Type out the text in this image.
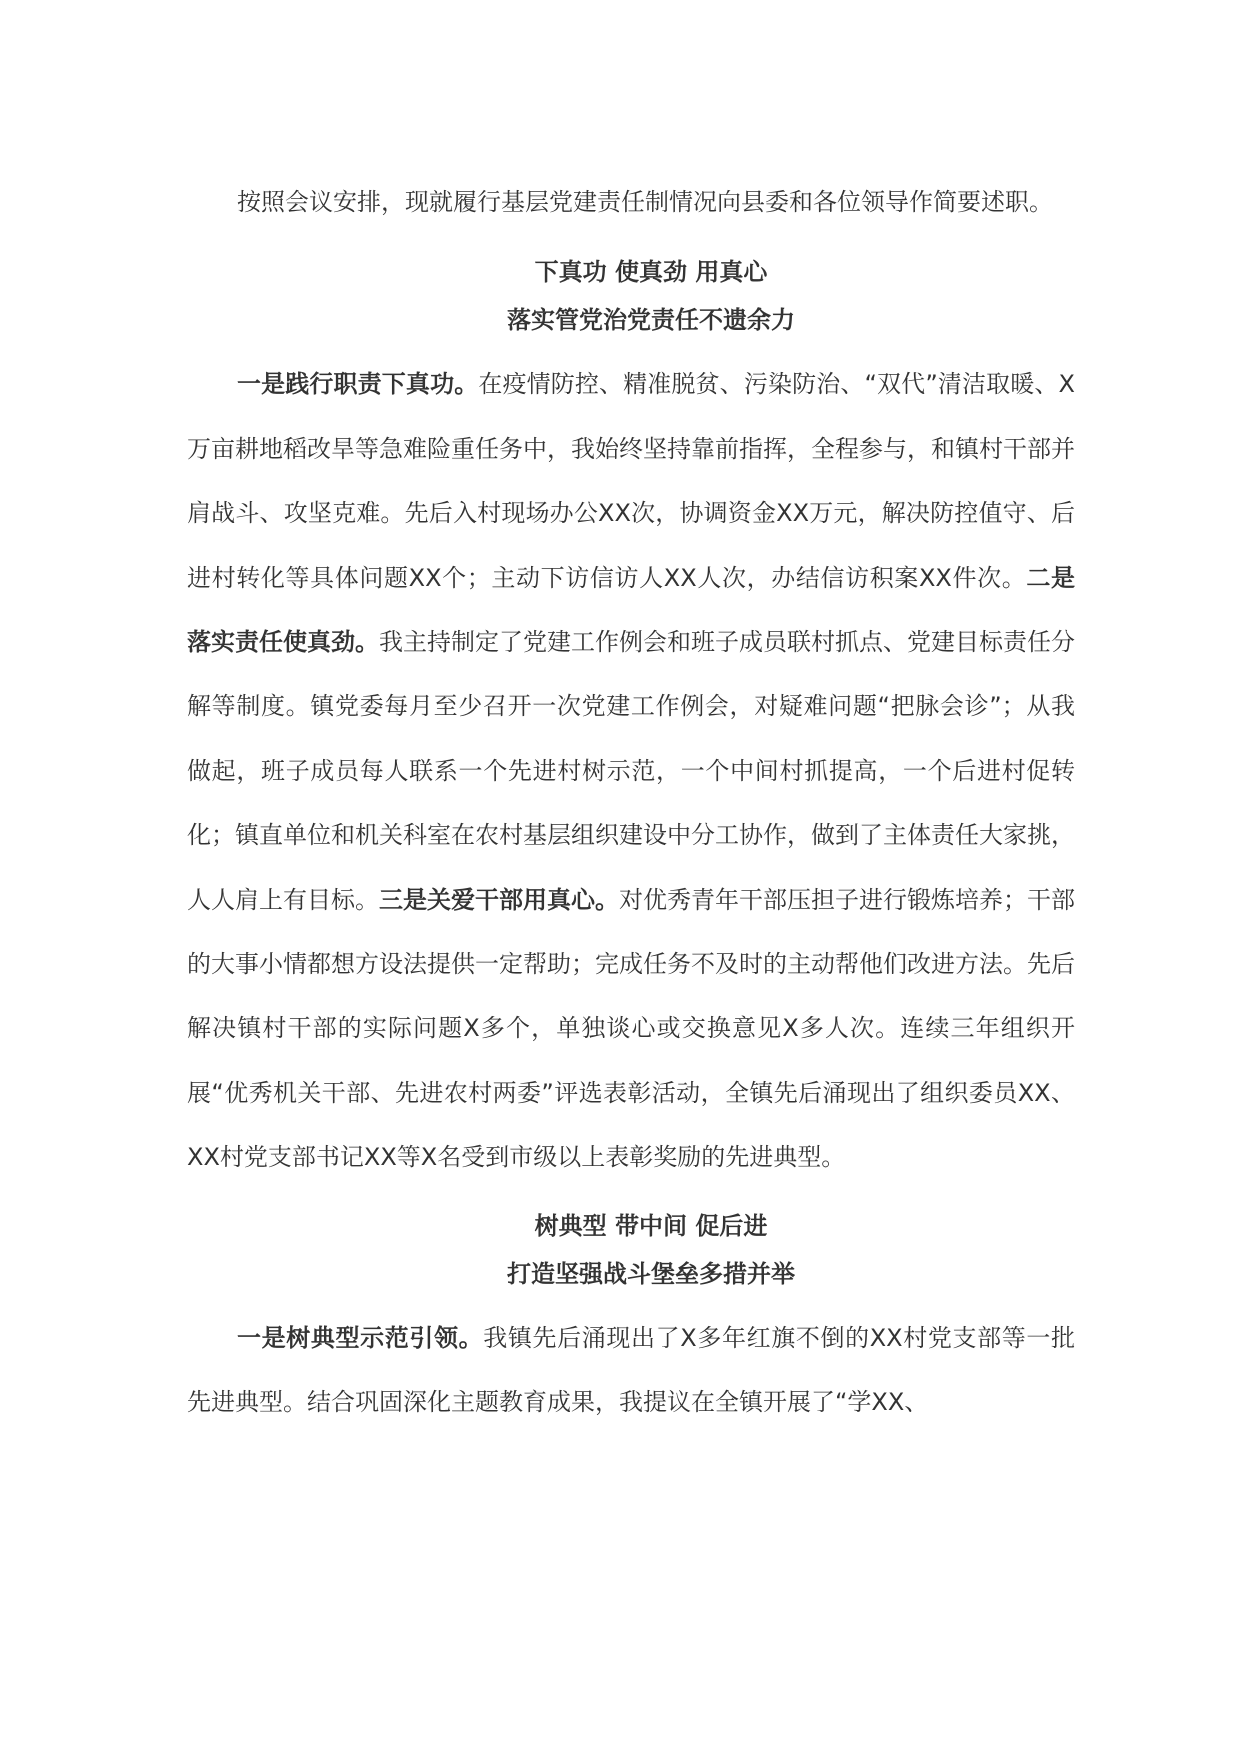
按照会议安排，现就履行基层党建责任制情况向县委和各位领导作简要述职。

下真功 使真劲 用真心
落实管党治党责任不遗余力

一是践行职责下真功。在疫情防控、精准脱贫、污染防治、“双代”清洁取暖、X万亩耕地稻改旱等急难险重任务中，我始终坚持靠前指挥，全程参与，和镇村干部并肩战斗、攻坚克难。先后入村现场办公XX次，协调资金XX万元，解决防控值守、后进村转化等具体问题XX个；主动下访信访人XX人次，办结信访积案XX件次。二是落实责任使真劲。我主持制定了党建工作例会和班子成员联村抓点、党建目标责任分解等制度。镇党委每月至少召开一次党建工作例会，对疑难问题“把脉会诊”；从我做起，班子成员每人联系一个先进村树示范，一个中间村抓提高，一个后进村促转化；镇直单位和机关科室在农村基层组织建设中分工协作，做到了主体责任大家挑，人人肩上有目标。三是关爱干部用真心。对优秀青年干部压担子进行锻炼培养；干部的大事小情都想方设法提供一定帮助；完成任务不及时的主动帮他们改进方法。先后解决镇村干部的实际问题X多个，单独谈心或交换意见X多人次。连续三年组织开展“优秀机关干部、先进农村两委”评选表彰活动，全镇先后涌现出了组织委员XX、XX村党支部书记XX等X名受到市级以上表彰奖励的先进典型。

树典型 带中间 促后进
打造坚强战斗堡垒多措并举

一是树典型示范引领。我镇先后涌现出了X多年红旗不倒的XX村党支部等一批先进典型。结合巩固深化主题教育成果，我提议在全镇开展了“学XX、
